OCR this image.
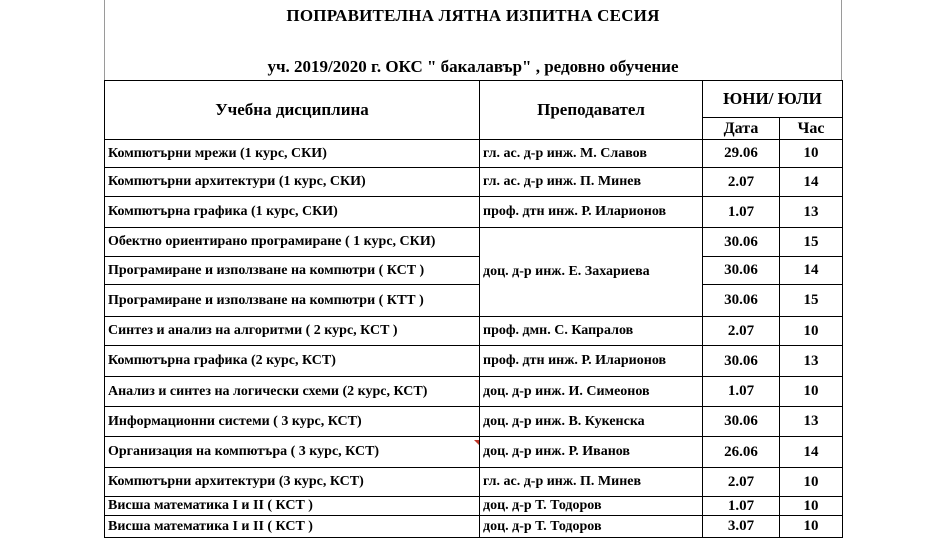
ПОПРАВИТЕЛНА ЛЯТНА ИЗПИТНА СЕСИЯ
уч. 2019/2020 г. ОКС " бакалавър" , редовно обучение
Учебна дисциплина	Преподавател	ЮНИ/ ЮЛИ	
		Дата	Час
Компютърни мрежи (1 курс, СКИ)	гл. ас. д-р инж. М. Славов	29.06	10
Компютърни архитектури (1 курс, СКИ)	гл. ас. д-р инж. П. Минев	2.07	14
Компютърна графика (1 курс, СКИ)	проф. дтн инж. Р. Иларионов	1.07	13
Обектно ориентирано програмиране ( 1 курс, СКИ)	доц. д-р инж. Е. Захариева	30.06	15
Програмиране и използване на компютри ( КСТ )		30.06	14
Програмиране и използване на компютри ( КТТ )		30.06	15
Синтез и анализ на алгоритми ( 2 курс, КСТ )	проф. дмн. С. Капралов	2.07	10
Компютърна графика (2 курс, КСТ)	проф. дтн инж. Р. Иларионов	30.06	13
Анализ и синтез на логически схеми (2 курс, КСТ)	доц. д-р инж. И. Симеонов	1.07	10
Информационни системи ( 3 курс, КСТ)	доц. д-р инж. В. Кукенска	30.06	13
Организация на компютъра ( 3 курс, КСТ)	доц. д-р инж. Р. Иванов	26.06	14
Компютърни архитектури (3 курс, КСТ)	гл. ас. д-р инж. П. Минев	2.07	10
Висша математика I и II ( КСТ )	доц. д-р Т. Тодоров	1.07	10
Висша математика I и II ( КСТ )	доц. д-р Т. Тодоров	3.07	10
